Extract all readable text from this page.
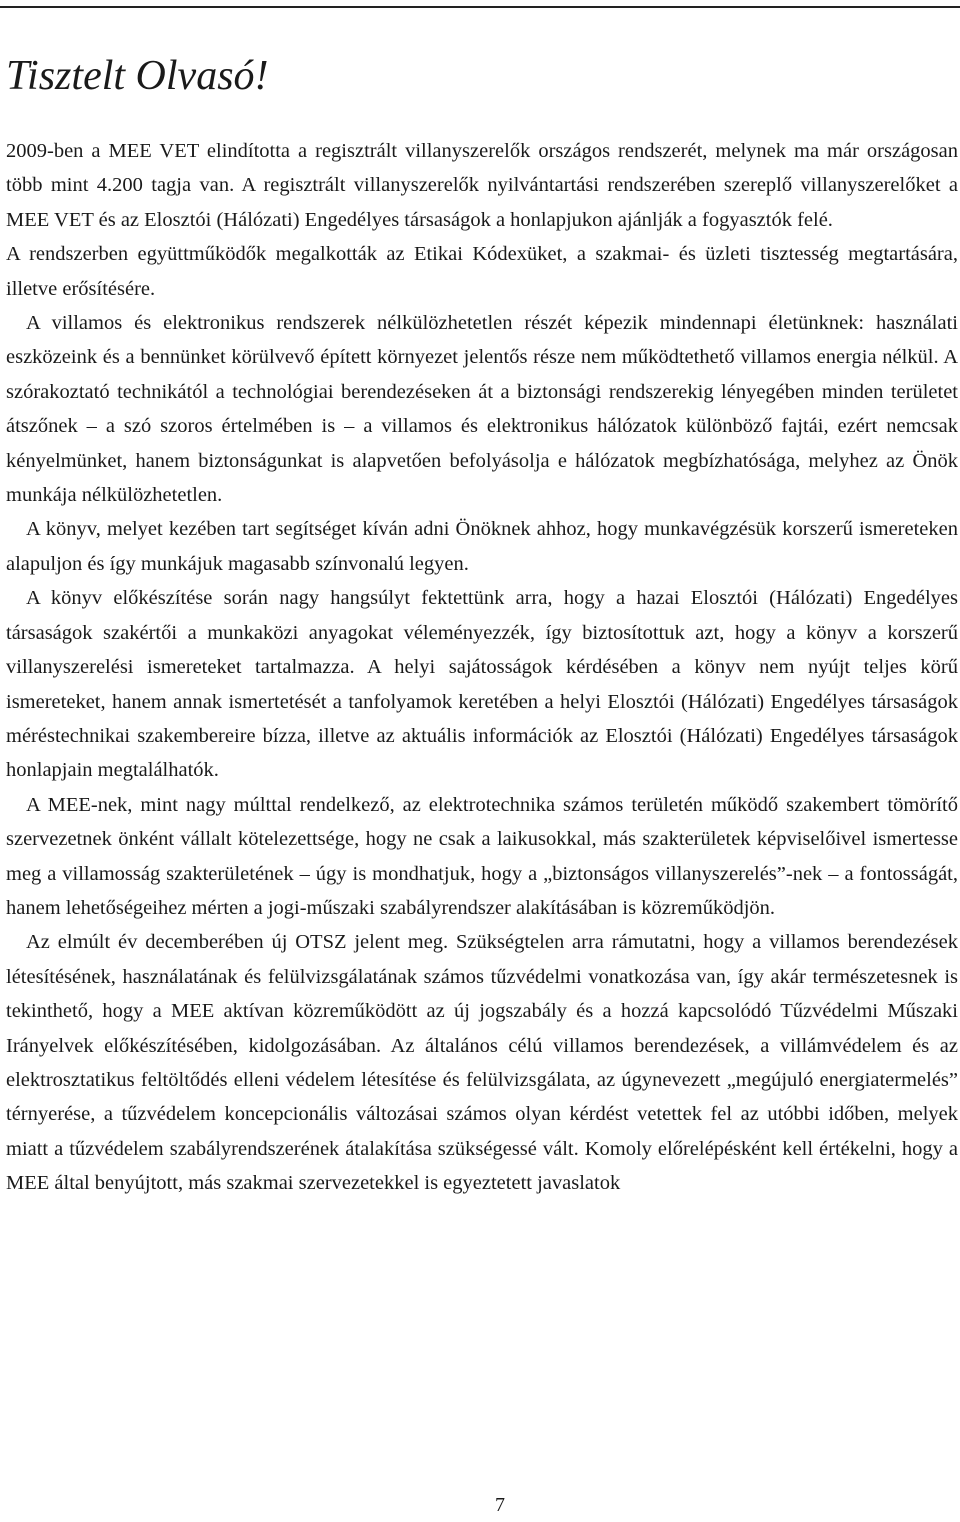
Tisztelt Olvasó!

2009-ben a MEE VET elindította a regisztrált villanyszerelők országos rendszerét, melynek ma már országosan több mint 4.200 tagja van. A regisztrált villanyszerelők nyilvántartási rendszerében szereplő villanyszerelőket a MEE VET és az Elosztói (Hálózati) Engedélyes társaságok a honlapjukon ajánlják a fogyasztók felé.

A rendszerben együttműködők megalkották az Etikai Kódexüket, a szakmai- és üzleti tisztesség megtartására, illetve erősítésére.

A villamos és elektronikus rendszerek nélkülözhetetlen részét képezik mindennapi életünknek: használati eszközeink és a bennünket körülvevő épített környezet jelentős része nem működtethető villamos energia nélkül. A szórakoztató technikától a technológiai berendezéseken át a biztonsági rendszerekig lényegében minden területet átszőnek – a szó szoros értelmében is – a villamos és elektronikus hálózatok különböző fajtái, ezért nemcsak kényelmünket, hanem biztonságunkat is alapvetően befolyásolja e hálózatok megbízhatósága, melyhez az Önök munkája nélkülözhetetlen.

A könyv, melyet kezében tart segítséget kíván adni Önöknek ahhoz, hogy munkavégzésük korszerű ismereteken alapuljon és így munkájuk magasabb színvonalú legyen.

A könyv előkészítése során nagy hangsúlyt fektettünk arra, hogy a hazai Elosztói (Hálózati) Engedélyes társaságok szakértői a munkaközi anyagokat véleményezzék, így biztosítottuk azt, hogy a könyv a korszerű villanyszerelési ismereteket tartalmazza. A helyi sajátosságok kérdésében a könyv nem nyújt teljes körű ismereteket, hanem annak ismertetését a tanfolyamok keretében a helyi Elosztói (Hálózati) Engedélyes társaságok méréstechnikai szakembereire bízza, illetve az aktuális információk az Elosztói (Hálózati) Engedélyes társaságok honlapjain megtalálhatók.

A MEE-nek, mint nagy múlttal rendelkező, az elektrotechnika számos területén működő szakembert tömörítő szervezetnek önként vállalt kötelezettsége, hogy ne csak a laikusokkal, más szakterületek képviselőivel ismertesse meg a villamosság szakterületének – úgy is mondhatjuk, hogy a „biztonságos villanyszerelés”-nek – a fontosságát, hanem lehetőségeihez mérten a jogi-műszaki szabályrendszer alakításában is közreműködjön.

Az elmúlt év decemberében új OTSZ jelent meg. Szükségtelen arra rámutatni, hogy a villamos berendezések létesítésének, használatának és felülvizsgálatának számos tűzvédelmi vonatkozása van, így akár természetesnek is tekinthető, hogy a MEE aktívan közreműködött az új jogszabály és a hozzá kapcsolódó Tűzvédelmi Műszaki Irányelvek előkészítésében, kidolgozásában. Az általános célú villamos berendezések, a villámvédelem és az elektrosztatikus feltöltődés elleni védelem létesítése és felülvizsgálata, az úgynevezett „megújuló energiatermelés” térnyerése, a tűzvédelem koncepcionális változásai számos olyan kérdést vetettek fel az utóbbi időben, melyek miatt a tűzvédelem szabályrendszerének átalakítása szükségessé vált. Komoly előrelépésként kell értékelni, hogy a MEE által benyújtott, más szakmai szervezetekkel is egyeztetett javaslatok

7
